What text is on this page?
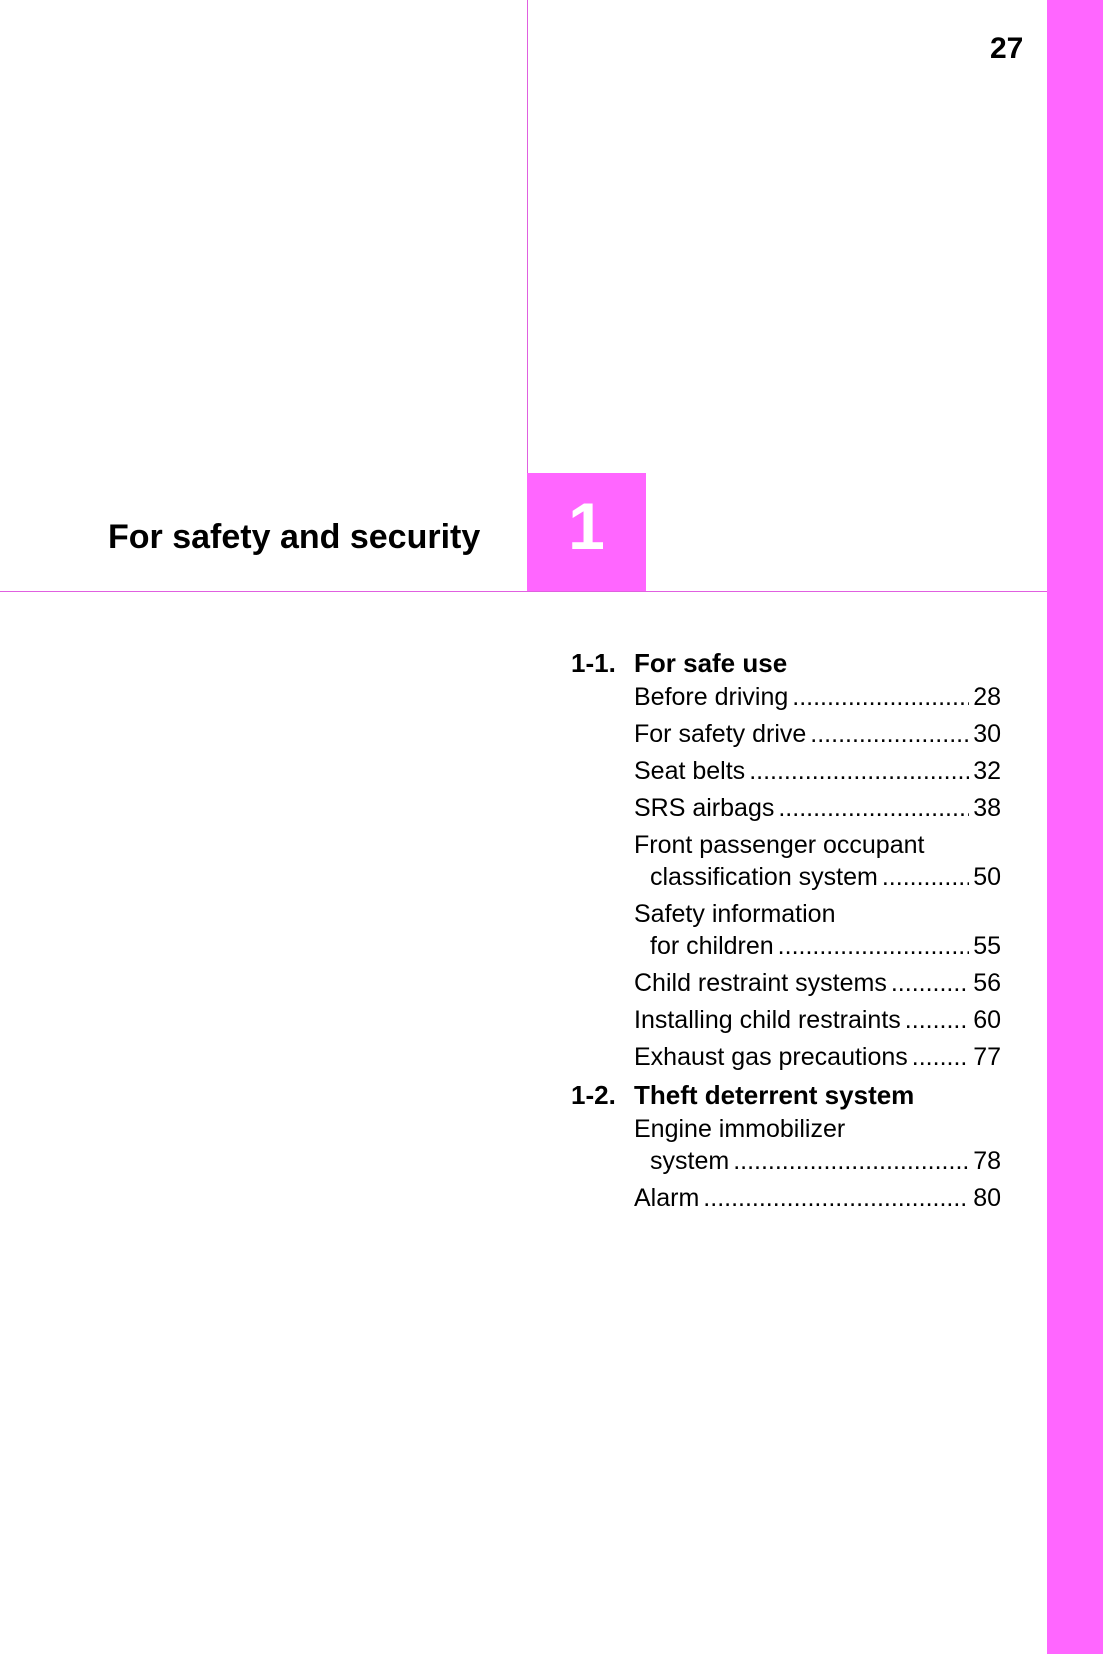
27
For safety and security 1
1-1. For safe use
Before driving .....	28
For safety drive .....	30
Seat belts .....	32
SRS airbags .....	38
Front passenger occupant
classification system .....	50
Safety information
for children .....	55
Child restraint systems .....	56
Installing child restraints .....	60
Exhaust gas precautions .....	77
1-2. Theft deterrent system
Engine immobilizer
system .....	78
Alarm .....	80
